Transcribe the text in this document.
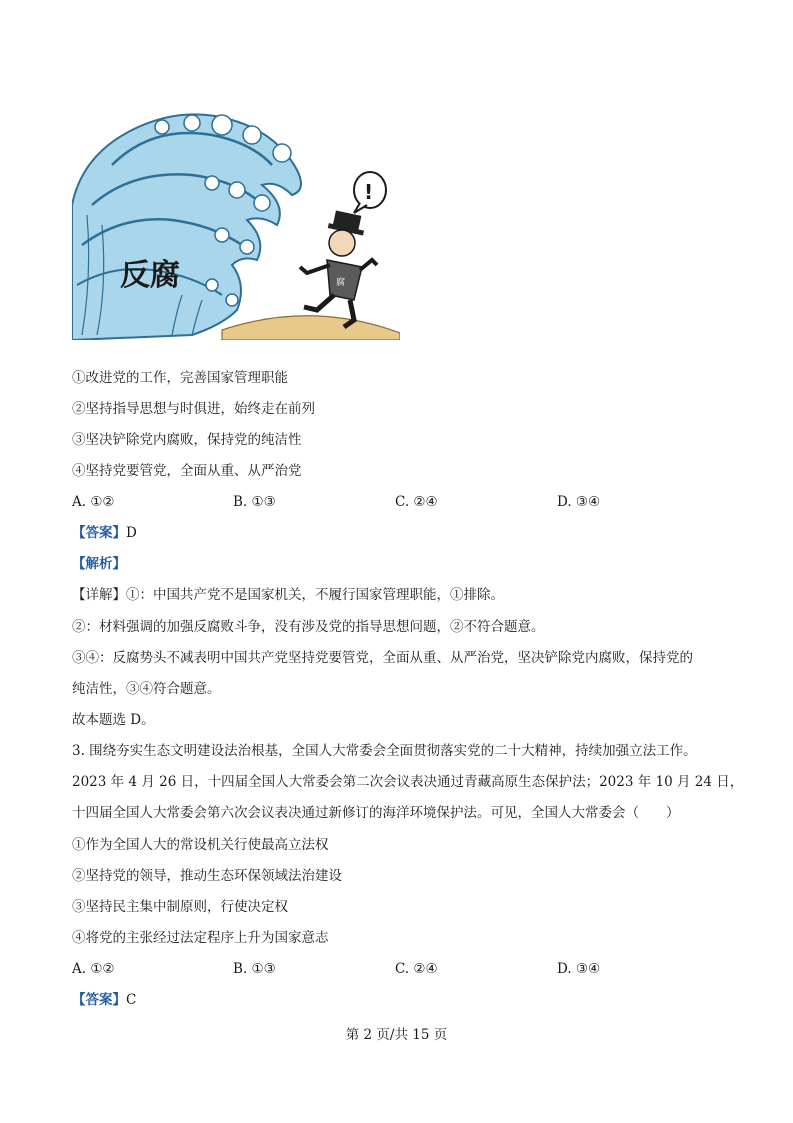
反腐
!
腐
①改进党的工作，完善国家管理职能
②坚持指导思想与时俱进，始终走在前列
③坚决铲除党内腐败，保持党的纯洁性
④坚持党要管党，全面从重、从严治党
A. ①②	B. ①③	C. ②④	D. ③④
【答案】D
【解析】
【详解】①：中国共产党不是国家机关，不履行国家管理职能，①排除。
②：材料强调的加强反腐败斗争，没有涉及党的指导思想问题，②不符合题意。
③④：反腐势头不减表明中国共产党坚持党要管党，全面从重、从严治党，坚决铲除党内腐败，保持党的
纯洁性，③④符合题意。
故本题选 D。
3. 围绕夯实生态文明建设法治根基，全国人大常委会全面贯彻落实党的二十大精神，持续加强立法工作。
2023 年 4 月 26 日，十四届全国人大常委会第二次会议表决通过青藏高原生态保护法；2023 年 10 月 24 日，
十四届全国人大常委会第六次会议表决通过新修订的海洋环境保护法。可见，全国人大常委会（　　）
①作为全国人大的常设机关行使最高立法权
②坚持党的领导，推动生态环保领域法治建设
③坚持民主集中制原则，行使决定权
④将党的主张经过法定程序上升为国家意志
A. ①②	B. ①③	C. ②④	D. ③④
【答案】C
第 2 页/共 15 页
